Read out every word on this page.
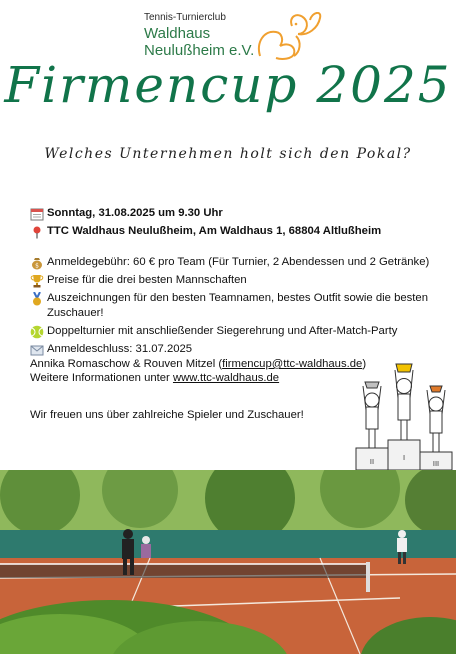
Tennis-Turnierclub
Waldhaus
Neulußheim e.V.
Firmencup 2025
Welches Unternehmen holt sich den Pokal?
Sonntag, 31.08.2025 um 9.30 Uhr
TTC Waldhaus Neulußheim, Am Waldhaus 1, 68804 Altlußheim
$ Anmeldegebühr: 60 € pro Team (Für Turnier, 2 Abendessen und 2 Getränke)
Preise für die drei besten Mannschaften
Auszeichnungen für den besten Teamnamen, bestes Outfit sowie die besten Zuschauer!
Doppelturnier mit anschließender Siegerehrung und After-Match-Party
Anmeldeschluss: 31.07.2025
Annika Romaschow & Rouven Mitzel (firmencup@ttc-waldhaus.de)
Weitere Informationen unter www.ttc-waldhaus.de
Wir freuen uns über zahlreiche Spieler und Zuschauer!
II	I
III
